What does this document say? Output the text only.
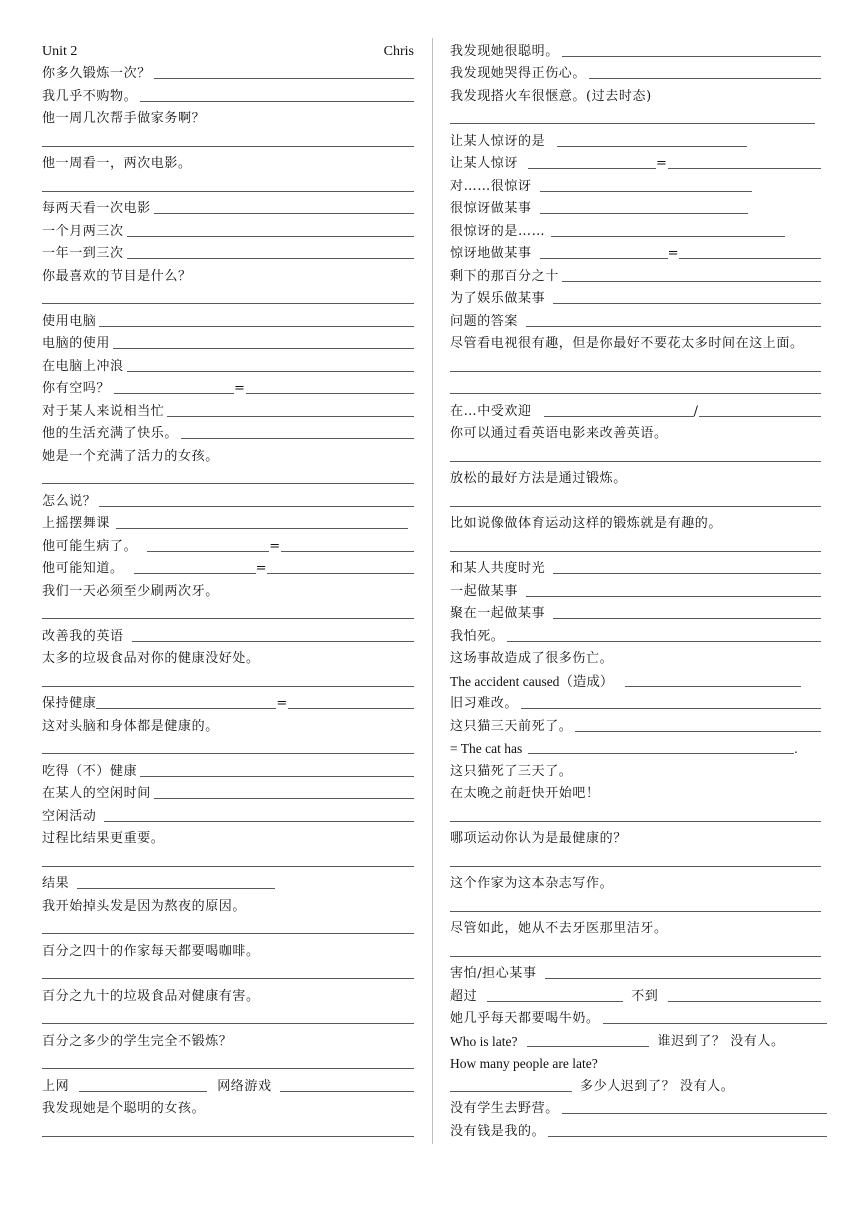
Unit 2	Chris
你多久锻炼一次？
我几乎不购物。
他一周几次帮手做家务啊？
他一周看一，两次电影。
每两天看一次电影
一个月两三次
一年一到三次
你最喜欢的节目是什么？
使用电脑
电脑的使用
在电脑上冲浪
你有空吗？	=
对于某人来说相当忙
他的生活充满了快乐。
她是一个充满了活力的女孩。
怎么说？
上摇摆舞课
他可能生病了。	=
他可能知道。	=
我们一天必须至少刷两次牙。
改善我的英语
太多的垃圾食品对你的健康没好处。
保持健康	=
这对头脑和身体都是健康的。
吃得（不）健康
在某人的空闲时间
空闲活动
过程比结果更重要。
结果
我开始掉头发是因为熬夜的原因。
百分之四十的作家每天都要喝咖啡。
百分之九十的垃圾食品对健康有害。
百分之多少的学生完全不锻炼？
上网	网络游戏
我发现她是个聪明的女孩。
我发现她很聪明。
我发现她哭得正伤心。
我发现搭火车很惬意。(过去时态)
让某人惊讶的是
让某人惊讶	=
对……很惊讶
很惊讶做某事
很惊讶的是……
惊讶地做某事	=
剩下的那百分之十
为了娱乐做某事
问题的答案
尽管看电视很有趣，但是你最好不要花太多时间在这上面。
在…中受欢迎	/
你可以通过看英语电影来改善英语。
放松的最好方法是通过锻炼。
比如说像做体育运动这样的锻炼就是有趣的。
和某人共度时光
一起做某事
聚在一起做某事
我怕死。
这场事故造成了很多伤亡。
The accident caused（造成）
旧习难改。
这只猫三天前死了。
= The cat has	.
这只猫死了三天了。
在太晚之前赶快开始吧！
哪项运动你认为是最健康的？
这个作家为这本杂志写作。
尽管如此，她从不去牙医那里洁牙。
害怕/担心某事
超过	不到
她几乎每天都要喝牛奶。
Who is late?	谁迟到了？ 没有人。
How many people are late?
多少人迟到了？ 没有人。
没有学生去野营。
没有钱是我的。
